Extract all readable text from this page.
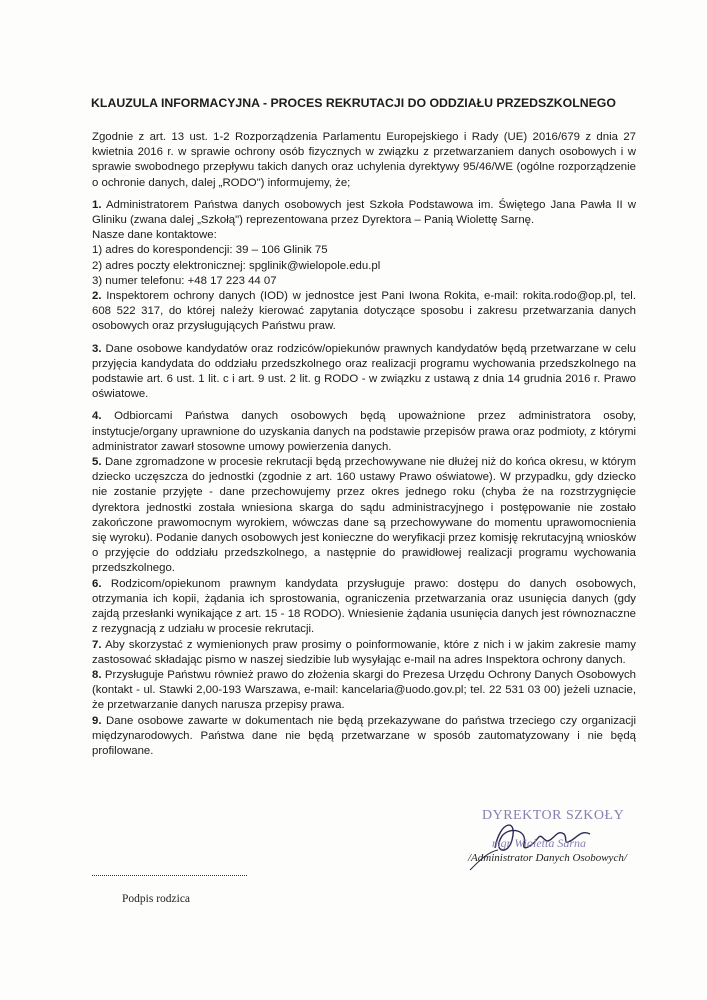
KLAUZULA INFORMACYJNA - PROCES REKRUTACJI DO ODDZIAŁU PRZEDSZKOLNEGO

Zgodnie z art. 13 ust. 1-2 Rozporządzenia Parlamentu Europejskiego i Rady (UE) 2016/679 z dnia 27 kwietnia 2016 r. w sprawie ochrony osób fizycznych w związku z przetwarzaniem danych osobowych i w sprawie swobodnego przepływu takich danych oraz uchylenia dyrektywy 95/46/WE (ogólne rozporządzenie o ochronie danych, dalej „RODO") informujemy, że;

1. Administratorem Państwa danych osobowych jest Szkoła Podstawowa im. Świętego Jana Pawła II w Gliniku (zwana dalej „Szkołą") reprezentowana przez Dyrektora – Panią Wiolettę Sarnę.

Nasze dane kontaktowe:

1) adres do korespondencji: 39 – 106 Glinik 75

2) adres poczty elektronicznej: spglinik@wielopole.edu.pl

3) numer telefonu: +48 17 223 44 07

2. Inspektorem ochrony danych (IOD) w jednostce jest Pani Iwona Rokita, e-mail: rokita.rodo@op.pl, tel. 608 522 317, do której należy kierować zapytania dotyczące sposobu i zakresu przetwarzania danych osobowych oraz przysługujących Państwu praw.

3. Dane osobowe kandydatów oraz rodziców/opiekunów prawnych kandydatów będą przetwarzane w celu przyjęcia kandydata do oddziału przedszkolnego oraz realizacji programu wychowania przedszkolnego na podstawie art. 6 ust. 1 lit. c i art. 9 ust. 2 lit. g RODO - w związku z ustawą z dnia 14 grudnia 2016 r. Prawo oświatowe.

4. Odbiorcami Państwa danych osobowych będą upoważnione przez administratora osoby, instytucje/organy uprawnione do uzyskania danych na podstawie przepisów prawa oraz podmioty, z którymi administrator zawarł stosowne umowy powierzenia danych.

5. Dane zgromadzone w procesie rekrutacji będą przechowywane nie dłużej niż do końca okresu, w którym dziecko uczęszcza do jednostki (zgodnie z art. 160 ustawy Prawo oświatowe). W przypadku, gdy dziecko nie zostanie przyjęte - dane przechowujemy przez okres jednego roku (chyba że na rozstrzygnięcie dyrektora jednostki została wniesiona skarga do sądu administracyjnego i postępowanie nie zostało zakończone prawomocnym wyrokiem, wówczas dane są przechowywane do momentu uprawomocnienia się wyroku). Podanie danych osobowych jest konieczne do weryfikacji przez komisję rekrutacyjną wniosków o przyjęcie do oddziału przedszkolnego, a następnie do prawidłowej realizacji programu wychowania przedszkolnego.

6. Rodzicom/opiekunom prawnym kandydata przysługuje prawo: dostępu do danych osobowych, otrzymania ich kopii, żądania ich sprostowania, ograniczenia przetwarzania oraz usunięcia danych (gdy zajdą przesłanki wynikające z art. 15 - 18 RODO). Wniesienie żądania usunięcia danych jest równoznaczne z rezygnacją z udziału w procesie rekrutacji.

7. Aby skorzystać z wymienionych praw prosimy o poinformowanie, które z nich i w jakim zakresie mamy zastosować składając pismo w naszej siedzibie lub wysyłając e-mail na adres Inspektora ochrony danych.

8. Przysługuje Państwu również prawo do złożenia skargi do Prezesa Urzędu Ochrony Danych Osobowych (kontakt - ul. Stawki 2,00-193 Warszawa, e-mail: kancelaria@uodo.gov.pl; tel. 22 531 03 00) jeżeli uznacie, że przetwarzanie danych narusza przepisy prawa.

9. Dane osobowe zawarte w dokumentach nie będą przekazywane do państwa trzeciego czy organizacji międzynarodowych. Państwa dane nie będą przetwarzane w sposób zautomatyzowany i nie będą profilowane.

DYREKTOR SZKOŁY
mgr Wioletta Sarna
/Administrator Danych Osobowych/
Podpis rodzica
